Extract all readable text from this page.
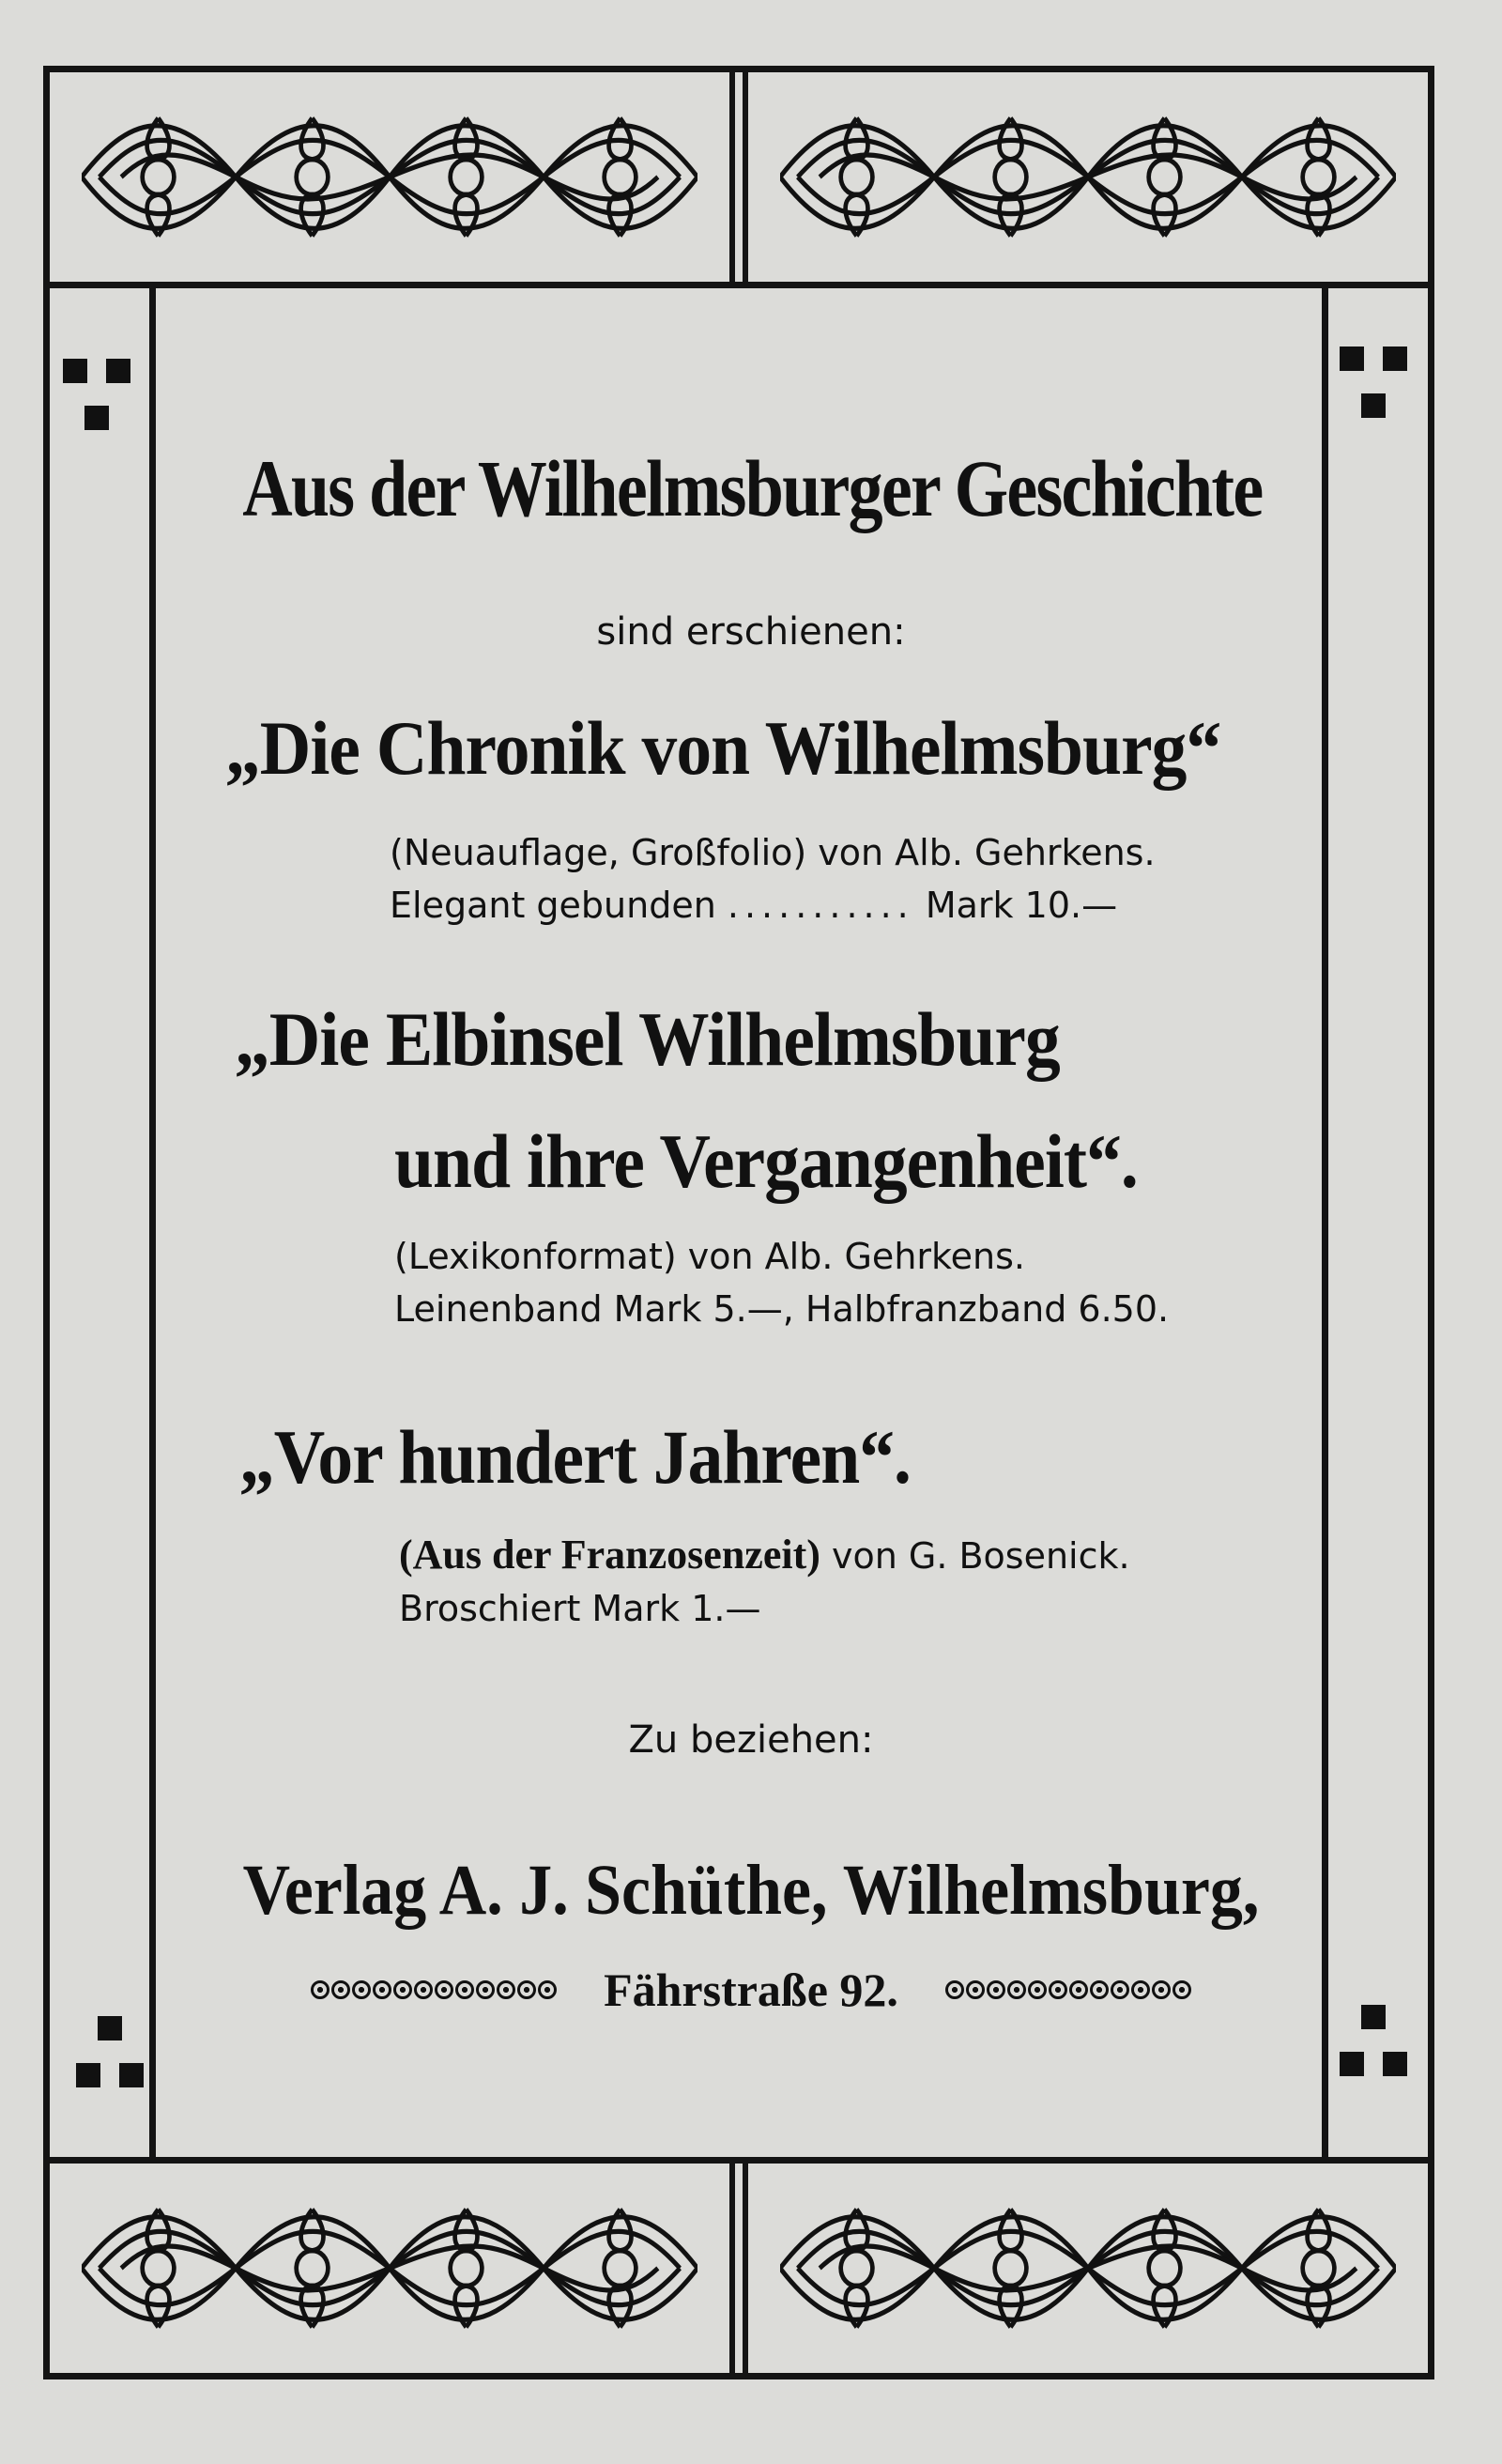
Aus der Wilhelmsburger Geschichte
sind erschienen:
„Die Chronik von Wilhelmsburg“
(Neuauflage, Großfolio) von Alb. Gehrkens.
Elegant gebunden ........... Mark 10.—
„Die Elbinsel Wilhelmsburg
und ihre Vergangenheit“.
(Lexikonformat) von Alb. Gehrkens.
Leinenband Mark 5.—, Halbfranzband 6.50.
„Vor hundert Jahren“.
(Aus der Franzosenzeit) von G. Bosenick.
Broschiert Mark 1.—
Zu beziehen:
Verlag A. J. Schüthe, Wilhelmsburg,
Fährstraße 92.
